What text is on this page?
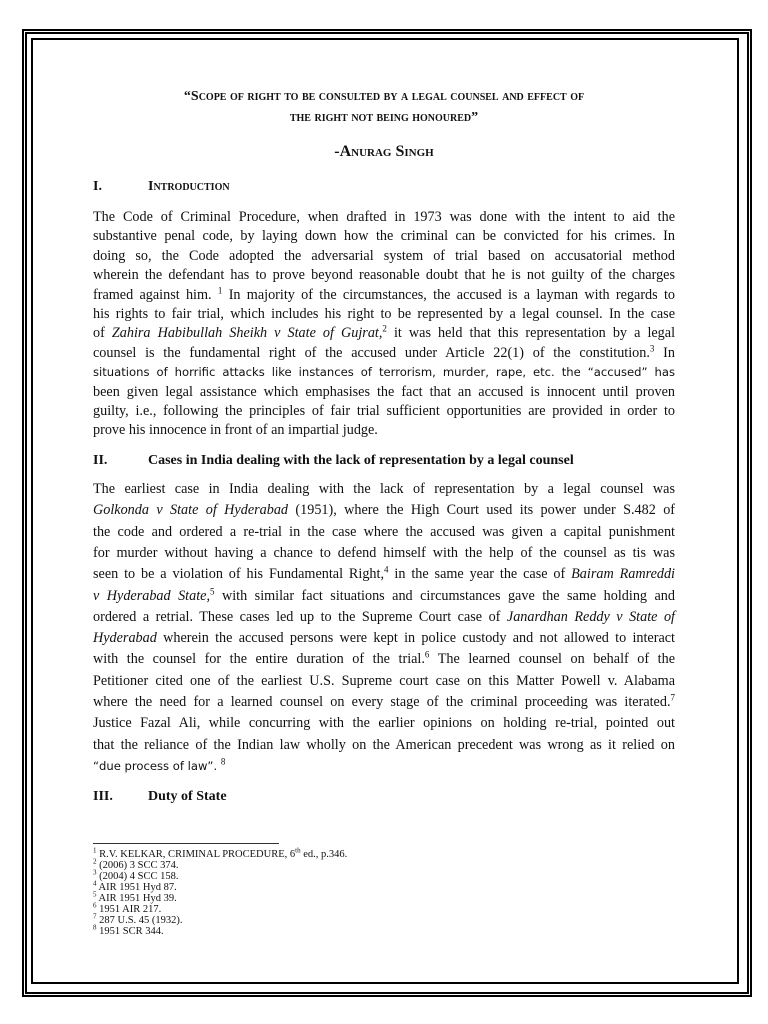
“Scope of right to be consulted by a legal counsel and effect of
the right not being honoured”
-Anurag Singh
I.	Introduction
The Code of Criminal Procedure, when drafted in 1973 was done with the intent to aid the
substantive penal code, by laying down how the criminal can be convicted for his crimes. In
doing so, the Code adopted the adversarial system of trial based on accusatorial method
wherein the defendant has to prove beyond reasonable doubt that he is not guilty of the charges
framed against him. $^1$ In majority of the circumstances, the accused is a layman with regards to
his rights to fair trial, which includes his right to be represented by a legal counsel. In the case
of Zahira Habibullah Sheikh v State of Gujrat,$^2$ it was held that this representation by a legal
counsel is the fundamental right of the accused under Article 22(1) of the constitution.$^3$ In
situations of horrific attacks like instances of terrorism, murder, rape, etc. the “accused” has
been given legal assistance which emphasises the fact that an accused is innocent until proven
guilty, i.e., following the principles of fair trial sufficient opportunities are provided in order to
prove his innocence in front of an impartial judge.
II.	Cases in India dealing with the lack of representation by a legal counsel
The earliest case in India dealing with the lack of representation by a legal counsel was
Golkonda v State of Hyderabad (1951), where the High Court used its power under S.482 of
the code and ordered a re-trial in the case where the accused was given a capital punishment
for murder without having a chance to defend himself with the help of the counsel as tis was
seen to be a violation of his Fundamental Right,$^4$ in the same year the case of Bairam Ramreddi
v Hyderabad State,$^5$ with similar fact situations and circumstances gave the same holding and
ordered a retrial. These cases led up to the Supreme Court case of Janardhan Reddy v State of
Hyderabad wherein the accused persons were kept in police custody and not allowed to interact
with the counsel for the entire duration of the trial.$^6$ The learned counsel on behalf of the
Petitioner cited one of the earliest U.S. Supreme court case on this Matter Powell v. Alabama
where the need for a learned counsel on every stage of the criminal proceeding was iterated.$^7$
Justice Fazal Ali, while concurring with the earlier opinions on holding re-trial, pointed out
that the reliance of the Indian law wholly on the American precedent was wrong as it relied on
“due process of law”. $^8$
III.	Duty of State
$^1$ R.V. KELKAR, CRIMINAL PROCEDURE, 6th ed., p.346.
$^2$ (2006) 3 SCC 374.
$^3$ (2004) 4 SCC 158.
$^4$ AIR 1951 Hyd 87.
$^5$ AIR 1951 Hyd 39.
$^6$ 1951 AIR 217.
$^7$ 287 U.S. 45 (1932).
$^8$ 1951 SCR 344.
